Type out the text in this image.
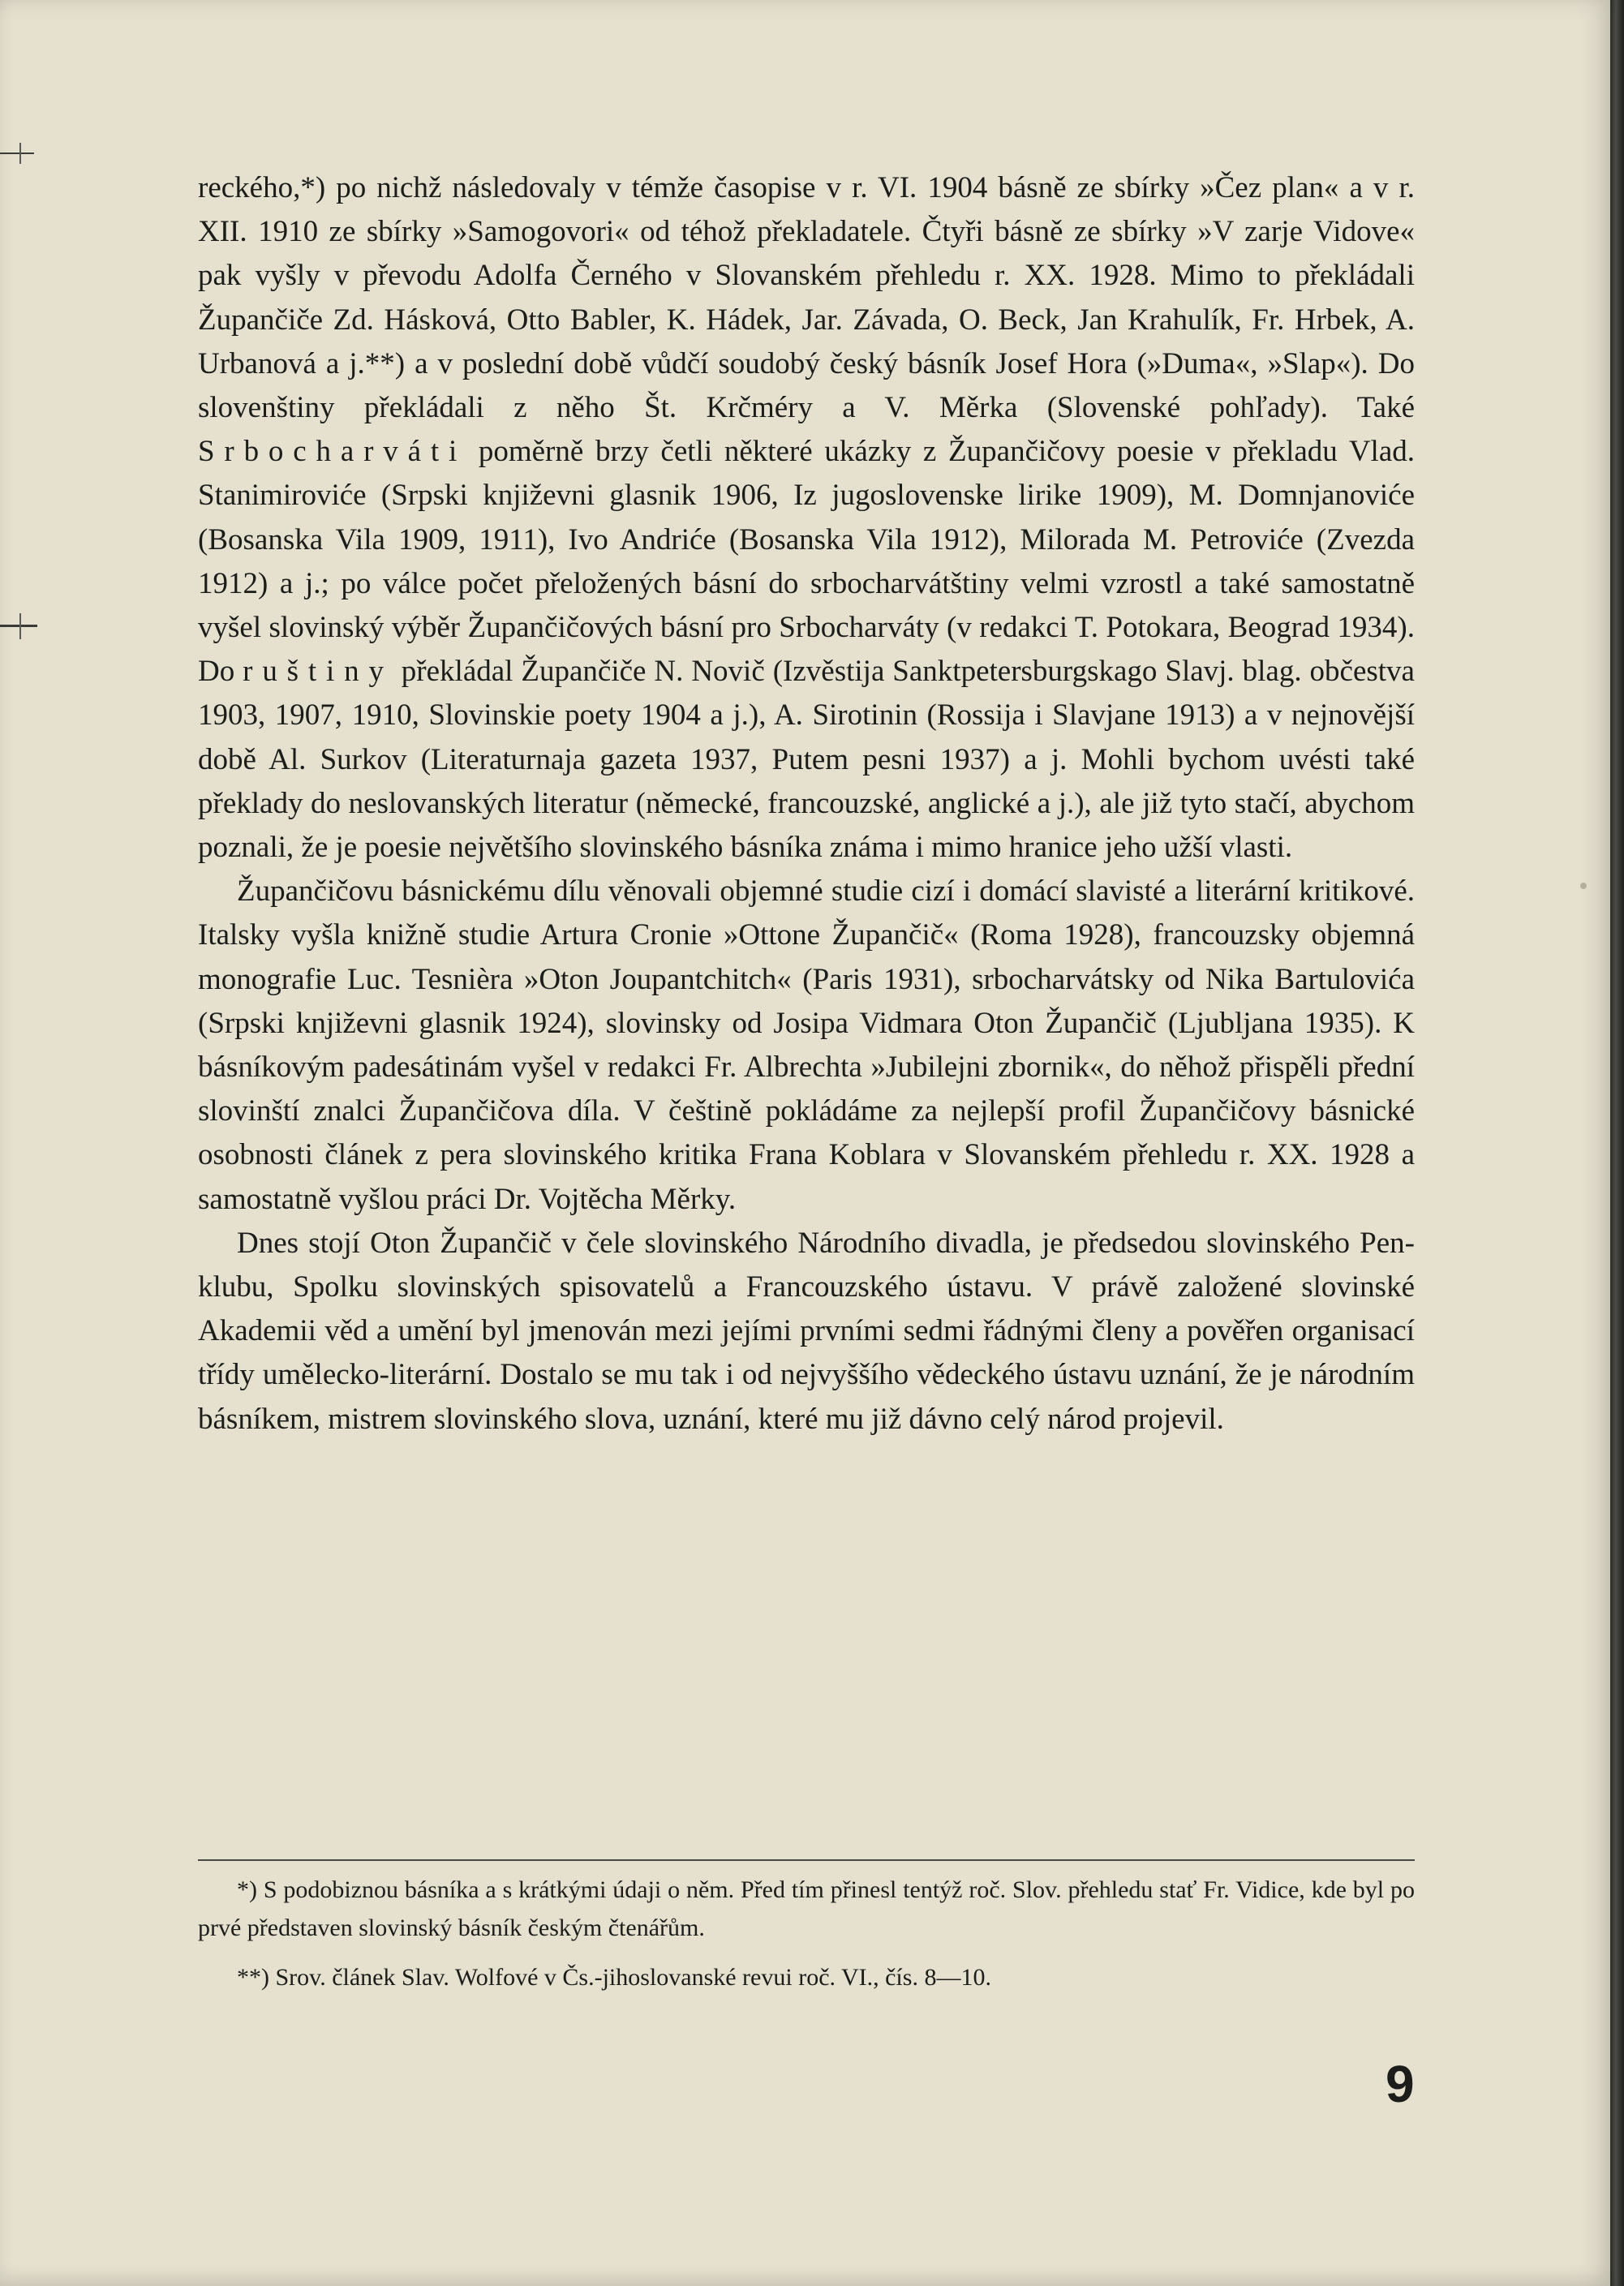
reckého,*) po nichž následovaly v témže časopise v r. VI. 1904 básně ze sbírky »Čez plan« a v r. XII. 1910 ze sbírky »Samogovori« od téhož překladatele. Čtyři básně ze sbírky »V zarje Vidove« pak vyšly v převodu Adolfa Černého v Slovanském přehledu r. XX. 1928. Mimo to překládali Župančiče Zd. Hásková, Otto Babler, K. Hádek, Jar. Závada, O. Beck, Jan Krahulík, Fr. Hrbek, A. Urbanová a j.**) a v poslední době vůdčí soudobý český básník Josef Hora (»Duma«, »Slap«). Do slovenštiny překládali z něho Št. Krčméry a V. Měrka (Slovenské pohľady). Také Srbocharváti poměrně brzy četli některé ukázky z Župančičovy poesie v překladu Vlad. Stanimiroviće (Srpski književni glasnik 1906, Iz jugoslovenske lirike 1909), M. Domnjanoviće (Bosanska Vila 1909, 1911), Ivo Andriće (Bosanska Vila 1912), Milorada M. Petroviće (Zvezda 1912) a j.; po válce počet přeložených básní do srbocharvátštiny velmi vzrostl a také samostatně vyšel slovinský výběr Župančičových básní pro Srbocharváty (v redakci T. Potokara, Beograd 1934). Do ruštiny překládal Župančiče N. Novič (Izvěstija Sanktpetersburgskago Slavj. blag. občestva 1903, 1907, 1910, Slovinskie poety 1904 a j.), A. Sirotinin (Rossija i Slavjane 1913) a v nejnovější době Al. Surkov (Literaturnaja gazeta 1937, Putem pesni 1937) a j. Mohli bychom uvésti také překlady do neslovanských literatur (německé, francouzské, anglické a j.), ale již tyto stačí, abychom poznali, že je poesie největšího slovinského básníka známa i mimo hranice jeho užší vlasti.

Župančičovu básnickému dílu věnovali objemné studie cizí i domácí slavisté a literární kritikové. Italsky vyšla knižně studie Artura Cronie »Ottone Župančič« (Roma 1928), francouzsky objemná monografie Luc. Tesnièra »Oton Joupantchitch« (Paris 1931), srbocharvátsky od Nika Bartulovića (Srpski književni glasnik 1924), slovinsky od Josipa Vidmara Oton Župančič (Ljubljana 1935). K básníkovým padesátinám vyšel v redakci Fr. Albrechta »Jubilejni zbornik«, do něhož přispěli přední slovinští znalci Župančičova díla. V češtině pokládáme za nejlepší profil Župančičovy básnické osobnosti článek z pera slovinského kritika Frana Koblara v Slovanském přehledu r. XX. 1928 a samostatně vyšlou práci Dr. Vojtěcha Měrky.

Dnes stojí Oton Župančič v čele slovinského Národního divadla, je předsedou slovinského Pen-klubu, Spolku slovinských spisovatelů a Francouzského ústavu. V právě založené slovinské Akademii věd a umění byl jmenován mezi jejími prvními sedmi řádnými členy a pověřen organisací třídy umělecko-literární. Dostalo se mu tak i od nejvyššího vědeckého ústavu uznání, že je národním básníkem, mistrem slovinského slova, uznání, které mu již dávno celý národ projevil.

*) S podobiznou básníka a s krátkými údaji o něm. Před tím přinesl tentýž roč. Slov. přehledu stať Fr. Vidice, kde byl po prvé představen slovinský básník českým čtenářům.

**) Srov. článek Slav. Wolfové v Čs.-jihoslovanské revui roč. VI., čís. 8—10.

9
